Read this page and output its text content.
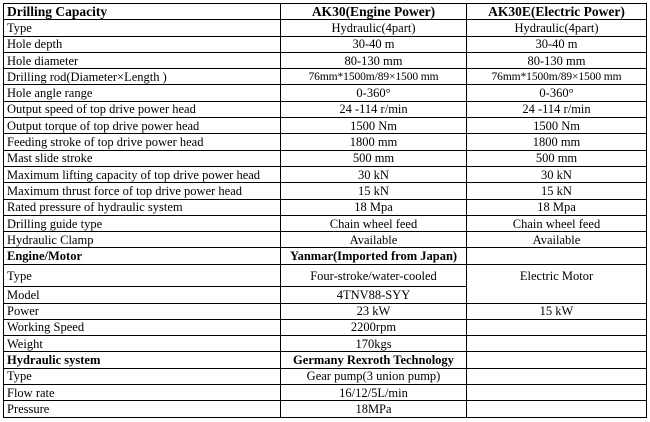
Drilling Capacity	AK30(Engine Power)	AK30E(Electric Power)
Type	Hydraulic(4part)	Hydraulic(4part)
Hole depth	30-40 m	30-40 m
Hole diameter	80-130 mm	80-130 mm
Drilling rod(Diameter×Length )	76mm*1500m/89×1500 mm	76mm*1500m/89×1500 mm
Hole angle range	0-360°	0-360°
Output speed of top drive power head	24 -114 r/min	24 -114 r/min
Output torque of top drive power head	1500 Nm	1500 Nm
Feeding stroke of top drive power head	1800 mm	1800 mm
Mast slide stroke	500 mm	500 mm
Maximum lifting capacity of top drive power head	30 kN	30 kN
Maximum thrust force of top drive power head	15 kN	15 kN
Rated pressure of hydraulic system	18 Mpa	18 Mpa
Drilling guide type	Chain wheel feed	Chain wheel feed
Hydraulic Clamp	Available	Available
Engine/Motor	Yanmar(Imported from Japan)	
Type	Four-stroke/water-cooled	Electric Motor
Model	4TNV88-SYY	
Power	23 kW	15 kW
Working Speed	2200rpm	
Weight	170kgs	
Hydraulic system	Germany Rexroth Technology	
Type	Gear pump(3 union pump)	
Flow rate	16/12/5L/min	
Pressure	18MPa	
